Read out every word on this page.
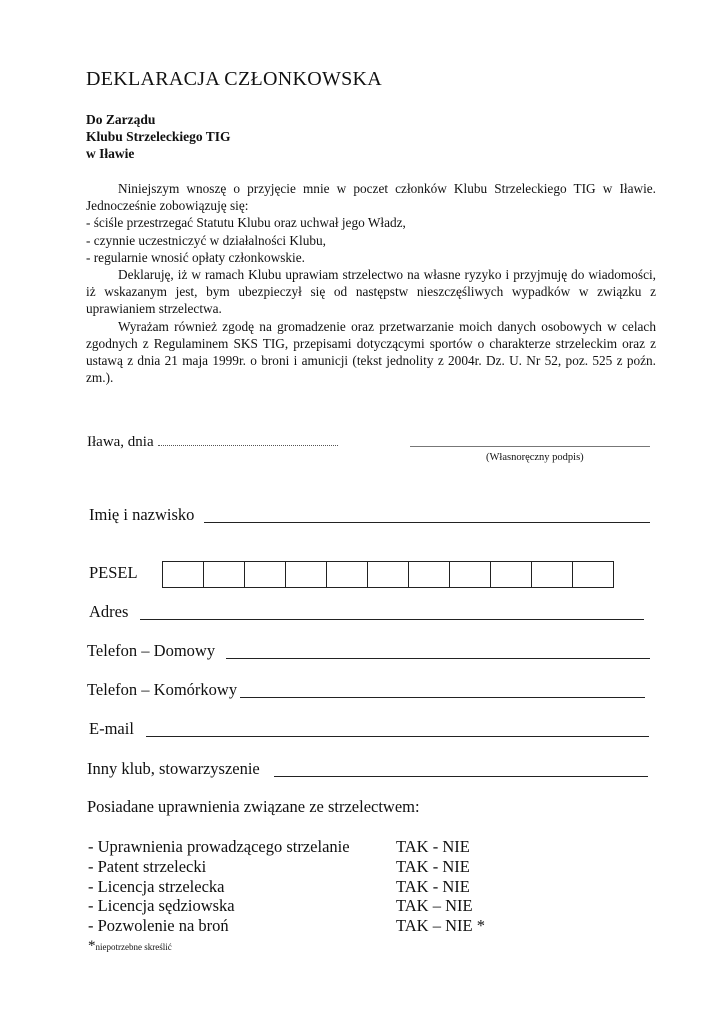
DEKLARACJA CZŁONKOWSKA
Do Zarządu
Klubu Strzeleckiego TIG
w Iławie

Niniejszym wnoszę o przyjęcie mnie w poczet członków Klubu Strzeleckiego TIG w Iławie. Jednocześnie zobowiązuję się:

- ściśle przestrzegać Statutu Klubu oraz uchwał jego Władz,

- czynnie uczestniczyć w działalności Klubu,

- regularnie wnosić opłaty członkowskie.

Deklaruję, iż w ramach Klubu uprawiam strzelectwo na własne ryzyko i przyjmuję do wiadomości, iż wskazanym jest, bym ubezpieczył się od następstw nieszczęśliwych wypadków w związku z uprawianiem strzelectwa.

Wyrażam również zgodę na gromadzenie oraz przetwarzanie moich danych osobowych w celach zgodnych z Regulaminem SKS TIG, przepisami dotyczącymi sportów o charakterze strzeleckim oraz z ustawą z dnia 21 maja 1999r. o broni i amunicji (tekst jednolity z 2004r. Dz. U. Nr 52, poz. 525 z poźn. zm.).

Iława, dnia
(Własnoręczny podpis)
Imię i nazwisko
PESEL
Adres
Telefon – Domowy
Telefon – Komórkowy
E-mail
Inny klub, stowarzyszenie
Posiadane uprawnienia związane ze strzelectwem:
- Uprawnienia prowadzącego strzelanie	TAK - NIE
- Patent strzelecki	TAK - NIE
- Licencja strzelecka	TAK - NIE
- Licencja sędziowska	TAK – NIE
- Pozwolenie na broń	TAK – NIE *
*niepotrzebne skreślić
